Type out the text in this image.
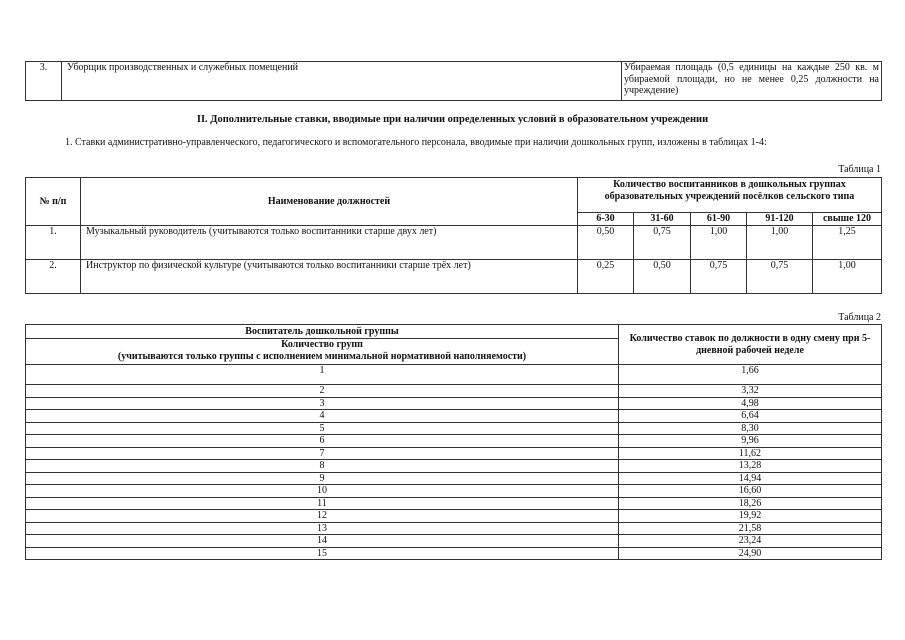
3.	Уборщик производственных и служебных помещений	Убираемая площадь (0,5 единицы на каждые 250 кв. м убираемой площади, но не менее 0,25 должности на учреждение)
II. Дополнительные ставки, вводимые при наличии определенных условий в образовательном учреждении
1. Ставки административно-управленческого, педагогического и вспомогательного персонала, вводимые при наличии дошкольных групп, изложены в таблицах 1-4:
Таблица 1
№ п/п	Наименование должностей	Количество воспитанников в дошкольных группах образовательных учреждений посёлков сельского типа				
		6-30	31-60	61-90	91-120	свыше 120
1.	Музыкальный руководитель (учитываются только воспитанники старше двух лет)	0,50	0,75	1,00	1,00	1,25
2.	Инструктор по физической культуре (учитываются только воспитанники старше трёх лет)	0,25	0,50	0,75	0,75	1,00
Таблица 2
Воспитатель дошкольной группы
Количество групп
(учитываются только группы с исполнением минимальной нормативной наполняемости)	Количество ставок по должности в одну смену при 5-дневной рабочей неделе
1	1,66
2	3,32
3	4,98
4	6,64
5	8,30
6	9,96
7	11,62
8	13,28
9	14,94
10	16,60
11	18,26
12	19,92
13	21,58
14	23,24
15	24,90
